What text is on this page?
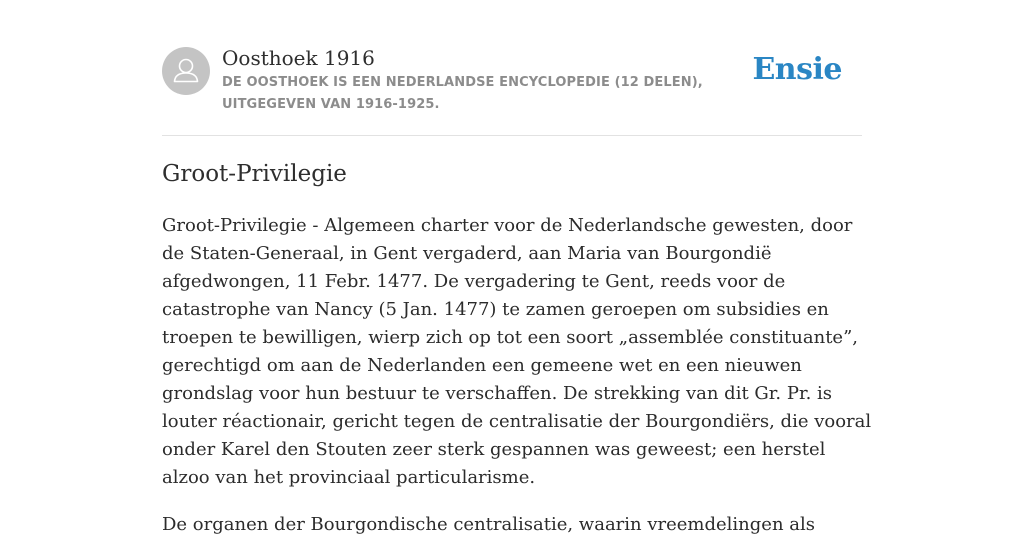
Oosthoek 1916
DE OOSTHOEK IS EEN NEDERLANDSE ENCYCLOPEDIE (12 DELEN), UITGEGEVEN VAN 1916-1925.
Ensie
Groot-Privilegie

Groot-Privilegie - Algemeen charter voor de Nederlandsche gewesten, door de Staten-Generaal, in Gent vergaderd, aan Maria van Bourgondië afgedwongen, 11 Febr. 1477. De vergadering te Gent, reeds voor de catastrophe van Nancy (5 Jan. 1477) te zamen geroepen om subsidies en troepen te bewilligen, wierp zich op tot een soort „assemblée constituante”, gerechtigd om aan de Nederlanden een gemeene wet en een nieuwen grondslag voor hun bestuur te verschaffen. De strekking van dit Gr. Pr. is louter réactionair, gericht tegen de centralisatie der Bourgondiërs, die vooral onder Karel den Stouten zeer sterk gespannen was geweest; een herstel alzoo van het provinciaal particularisme.

De organen der Bourgondische centralisatie, waarin vreemdelingen als
